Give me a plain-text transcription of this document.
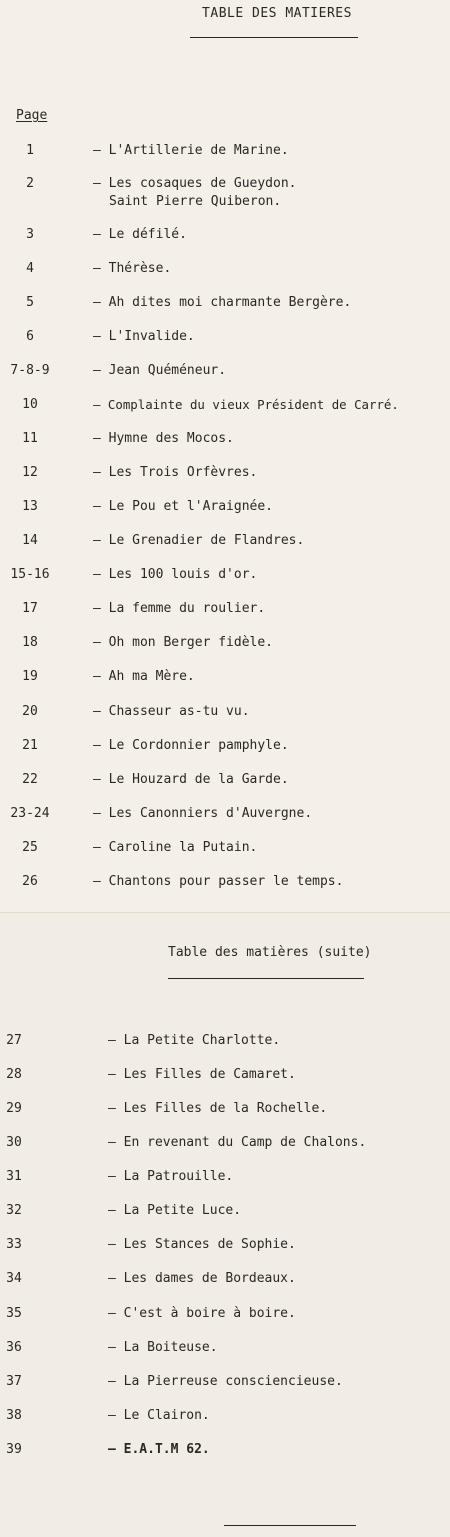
TABLE DES MATIERES
Page
1	– L'Artillerie de Marine.
2	– Les cosaques de Gueydon.
Saint Pierre Quiberon.
3	– Le défilé.
4	– Thérèse.
5	– Ah dites moi charmante Bergère.
6	– L'Invalide.
7-8-9	– Jean Quéméneur.
10	– Complainte du vieux Président de Carré.
11	– Hymne des Mocos.
12	– Les Trois Orfèvres.
13	– Le Pou et l'Araignée.
14	– Le Grenadier de Flandres.
15-16	– Les 100 louis d'or.
17	– La femme du roulier.
18	– Oh mon Berger fidèle.
19	– Ah ma Mère.
20	– Chasseur as-tu vu.
21	– Le Cordonnier pamphyle.
22	– Le Houzard de la Garde.
23-24	– Les Canonniers d'Auvergne.
25	– Caroline la Putain.
26	– Chantons pour passer le temps.
Table des matières (suite)
27	– La Petite Charlotte.
28	– Les Filles de Camaret.
29	– Les Filles de la Rochelle.
30	– En revenant du Camp de Chalons.
31	– La Patrouille.
32	– La Petite Luce.
33	– Les Stances de Sophie.
34	– Les dames de Bordeaux.
35	– C'est à boire à boire.
36	– La Boiteuse.
37	– La Pierreuse consciencieuse.
38	– Le Clairon.
39	– E.A.T.M 62.
